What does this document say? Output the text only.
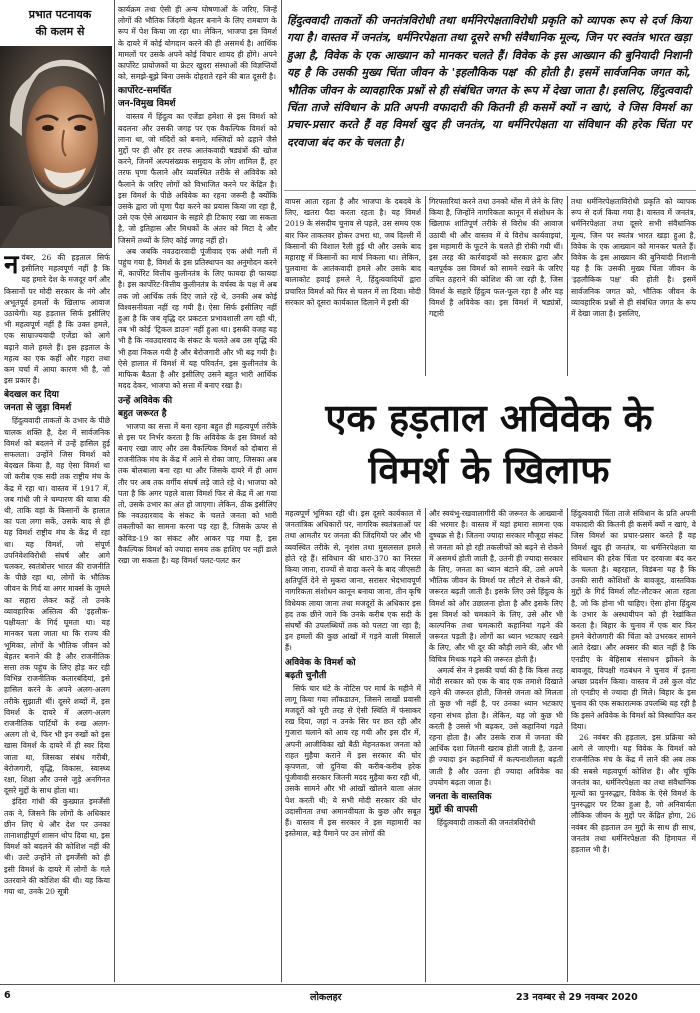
प्रभात पटनायक
की कलम से
हिंदुत्ववादी ताकतों की जनतंत्रविरोधी तथा धर्मनिरपेक्षताविरोधी प्रकृति को व्यापक रूप से दर्ज किया गया है। वास्तव में जनतंत्र, धर्मनिरपेक्षता तथा दूसरे सभी संवैधानिक मूल्य, जिन पर स्वतंत्र भारत खड़ा हुआ है, विवेक के एक आख्यान को मानकर चलते हैं। विवेक के इस आख्यान की बुनियादी निशानी यह है कि उसकी मुख्य चिंता जीवन के 'इहलौकिक पक्ष' की होती है। इसमें सार्वजनिक जगत को, भौतिक जीवन के व्यावहारिक प्रश्नों से ही संबंधित जगत के रूप में देखा जाता है। इसलिए, हिंदुत्ववादी चिंता ताजे संविधान के प्रति अपनी वफादारी की कितनी ही कसमें क्यों न खाएं, वे जिस विमर्श का प्रचार-प्रसार करते हैं वह विमर्श खुद ही जनतंत्र, या धर्मनिरपेक्षता या संविधान की हरेक चिंता पर दरवाजा बंद कर के चलता है।

नवंबर, 26 की हड़ताल सिर्फ इसीलिए महत्वपूर्ण नहीं है कि यह हमारे देश के मजदूर वर्ग और किसानों पर मोदी सरकार के नंगे और अभूतपूर्व हमलों के खिलाफ आवाज उठायेगी। यह हड़ताल सिर्फ इसीलिए भी महत्वपूर्ण नहीं है कि उक्त हमले, एक साम्राज्यवादी एजेंडा को आगे बढ़ाने वाले हमले हैं। इस हड़ताल के महत्व का एक कहीं और गहरा तथा कम चर्चा में आया कारण भी है, जो इस प्रकार है।

बेदखल कर दिया
जनता से जुड़ा विमर्श

हिंदुत्ववादी ताकतों के उभार के पीछे चालक शक्ति है, देश में सार्वजनिक विमर्श को बदलने में उन्हें हासिल हुई सफलता। उन्होंने जिस विमर्श को बेदखल किया है, वह ऐसा विमर्श था जो करीब एक सदी तक राष्ट्रीय मंच के केंद्र में रहा था। वास्तव में 1917 में, जब गांधी जी ने चम्पारण की यात्रा की थी, ताकि वहां के किसानों के हालात का पता लगा सकें, उसके बाद से ही यह विमर्श राष्ट्रीय मंच के केंद्र में रहा था। यह विमर्श, जो संपूर्ण उपनिवेशविरोधी संघर्ष और आगे चलकर, स्वतंत्रोत्तर भारत की राजनीति के पीछे रहा था, लोगों के भौतिक जीवन के गिर्द या अगर मार्क्स के जुमले का सहारा लेकर कहें तो उनके व्यावहारिक अस्तित्व की 'इहलौक-पक्षीयता' के गिर्द घूमता था। यह मानकर चला जाता था कि राज्य की भूमिका, लोगों के भौतिक जीवन को बेहतर बनाने की है और राजनीतिक सत्ता तक पहुंच के लिए होड़ कर रही विभिन्न राजनीतिक कतारबंदियां, इसे हासिल करने के अपने अलग-अलग तरीके सुझाती थीं। दूसरे शब्दों में, इस विमर्श के दायरे में अलग-अलग राजनीतिक पार्टियों के रुख अलग-अलग तो थे, फिर भी इन रुखों को इस खास विमर्श के दायरे में ही स्वर दिया जाता था, जिसका संबंध गरीबी, बेरोजगारी, वृद्धि, विकास, स्वास्थ्य रक्षा, शिक्षा और उनसे जुड़े अनगिनत दूसरे मुद्दों के साथ होता था।

इंदिरा गांधी की कुख्यात इमर्जेंसी तक ने, जिसने कि लोगों के अधिकार छीन लिए थे और देश पर उनका तानाशाहीपूर्ण शासन थोप दिया था, इस विमर्श को बदलने की कोशिश नहीं की थी। उल्टे उन्होंने तो इमर्जेंसी को ही इसी विमर्श के दायरे में लोगों के गले उतरवाने की कोशिश की थी। यह किया गया था, उनके 20 सूत्री

कार्यक्रम तथा ऐसी ही अन्य घोषणाओं के जरिए, जिन्हें लोगों की भौतिक जिंदगी बेहतर बनाने के लिए रामबाण के रूप में पेश किया जा रहा था। लेकिन, भाजपा इस विमर्श के दायरे में कोई योगदान करने की ही असमर्थ है। आर्थिक मामलों पर उसके अपने कोई विचार शायद ही होंगे। अपने कार्पोरेट प्रायोजकों या फ्रेटर खुदरा संस्थाओं की विज्ञप्तियों को, समझे-बूझे बिना उसके दोहराते रहने की बात दूसरी है।

कार्पोरेट-समर्थित
जन-विमुख विमर्श

वास्तव में हिंदुत्व का एजेंडा हमेशा से इस विमर्श को बदलना और उसकी जगह पर एक वैकल्पिक विमर्श को लाना था, जो मंदिरों को बनाने, मस्जिदों को ढहाने जैसे मुद्दों पर ही और हर तरफ आतंकवादी षड्यंत्रों की खोज करने, जिनमें अल्पसंख्यक समुदाय के लोग शामिल हैं, हर तरफ घृणा फैलाने और व्यवस्थित तरीके से अविवेक को फैलाने के जरिए लोगों को विभाजित करने पर केंद्रित है। इस विमर्श के पीछे अविवेक का रहना जरूरी है क्योंकि उसके द्वारा जो घृणा पैदा करने का प्रयास किया जा रहा है, उसे एक ऐसे आख्यान के सहारे ही टिकाए रखा जा सकता है, जो इतिहास और मिथकों के अंतर को मिटा दे और जिसमें तथ्यों के लिए कोई जगह नहीं हो।

अब जबकि नवउदारवादी पूंजीवाद एक अंधी गली में पहुंच गया है, विमर्श के इस प्रतिस्थापन का अनुमोदन करने में, कार्पोरेट वित्तीय कुलीनतंत्र के लिए फायदा ही फायदा है। इस कार्पोरेट-वित्तीय कुलीनतंत्र के वर्चस्व के पक्ष में अब तक जो आर्थिक तर्क दिए जाते रहे थे, उनकी अब कोई विश्वसनीयता नहीं रह गयी है। ऐसा सिर्फ इसीलिए नहीं हुआ है कि जब वृद्धि दर प्रकटतः प्रभावशाली लग रही थी, तब भी कोई 'ट्रिकल डाउन' नहीं हुआ था। इसकी वजह यह भी है कि नवउदारवाद के संकट के चलते अब उस वृद्धि की भी हवा निकल गयी है और बेरोजगारी और भी बढ़ गयी है। ऐसे हालात में विमर्श में यह परिवर्तन, इस कुलीनतंत्र के माफिक बैठता है और इसीलिए उसने बहुत भारी आर्थिक मदद देकर, भाजपा को सत्ता में बनाए रखा है।

उन्हें अविवेक की
बहुत जरूरत है

भाजपा का सत्ता में बना रहना बहुत ही महत्वपूर्ण तरीके से इस पर निर्भर करता है कि अविवेक के इस विमर्श को बनाए रखा जाए और उस वैकल्पिक विमर्श को दोबारा से राजनीतिक मंच के केंद्र में आने से रोका जाए, जिसका अब तक बोलबाला बना रहा था और जिसके दायरे में ही आम तौर पर अब तक वर्गीय संघर्ष लड़े जाते रहे थे। भाजपा को पता है कि अगर पहले वाला विमर्श फिर से केंद्र में आ गया तो, उसके उभार का अंत हो जाएगा। लेकिन, ठीक इसीलिए कि नवउदारवाद के संकट के चलते जनता को भारी तकलीफों का सामना करना पड़ रहा है, जिसके ऊपर से कोविड-19 का संकट और आकर पड़ गया है, इस वैकल्पिक विमर्श को ज्यादा समय तक हाशिए पर नहीं डाले रखा जा सकता है। यह विमर्श पलट-पलट कर

वापस आता रहता है और भाजपा के दबदबे के लिए, खतरा पैदा करता रहता है। यह विमर्श 2019 के संसदीय चुनाव से पहले, उस समय एक बार फिर ताकतवर होकर उभरा था, जब दिल्ली में किसानों की विशाल रैली हुई थी और उसके बाद महाराष्ट्र में किसानों का मार्च निकला था। लेकिन, पुलवामा के आतंकवादी हमले और उसके बाद बालाकोट हवाई हमले ने, हिंदुत्ववादियों द्वारा प्रचारित विमर्श को फिर से चलन में ला दिया। मोदी सरकार को दूसरा कार्यकाल दिलाने में इसी की

गिरफ्तारियां करने तथा उनको थोंस में लेने के लिए किया है, जिन्होंने नागरिकता कानून में संशोधन के खिलाफ शांतिपूर्ण तरीके से विरोध की आवाज उठायी थी और वास्तव में ये विरोध कार्यवाइयां, इस महामारी के फूटने के चलते ही रोकी गयी थीं। इस तरह की कार्रवाइयों को सरकार द्वारा और बलपूर्वक उस विमर्श को सामने रखने के जरिए उचित ठहराने की कोशिश की जा रही है, जिस विमर्श के सहारे हिंदुत्व फल-फूल रहा है और यह विमर्श है अविवेक का। इस विमर्श में षड्यंत्रों, गद्दारी

तथा धर्मनिरपेक्षताविरोधी प्रकृति को व्यापक रूप से दर्ज किया गया है। वास्तव में जनतंत्र, धर्मनिरपेक्षता तथा दूसरे सभी संवैधानिक मूल्य, जिन पर स्वतंत्र भारत खड़ा हुआ है, विवेक के एक आख्यान को मानकर चलते हैं। विवेक के इस आख्यान की बुनियादी निशानी यह है कि उसकी मुख्य चिंता जीवन के 'इहलौकिक पक्ष' की होती है। इसमें सार्वजनिक जगत को, भौतिक जीवन के व्यावहारिक प्रश्नों से ही संबंधित जगत के रूप में देखा जाता है। इसलिए,

एक हड़ताल अविवेक के
विमर्श के खिलाफ

महत्वपूर्ण भूमिका रही थी। इस दूसरे कार्यकाल में जनतांत्रिक अधिकारों पर, नागरिक स्वतंत्रताओं पर तथा आमतौर पर जनता की जिंदगियों पर और भी व्यवस्थित तरीके से, नृशंस तथा मुसलसल हमले होते रहे हैं। संविधान की धारा-370 का निरस्त किया जाना, राज्यों से वादा करने के बाद जीएसटी क्षतिपूर्ति देने से मुकरा जाना, सरासर भेदभावपूर्ण नागरिकता संशोधन कानून बनाया जाना, तीन कृषि विधेयक लाया जाना तथा मजदूरों के अधिकार इस हद तक छीने जाने कि उनके करीब एक सदी के संघर्षों की उपलब्धियों तक को पलटा जा रहा है; इन हमलों की कुछ आंखों में गड़ने वाली मिसालें हैं।

अविवेक के विमर्श को
बढ़ती चुनौती

सिर्फ चार घंटे के नोटिस पर मार्च के महीने में लागू किया गया लॉकडाउन, जिसने लाखों प्रवासी मजदूरों को पूरी तरह से ऐसी स्थिति में फंसाकर रख दिया, जहां न उनके सिर पर छत रही और गुजारा चलाने को आय रह गयी और इस दौर में, अपनी आजीविका खो बैठी मेहनतकश जनता को राहत मुहैया कराने में इस सरकार की घोर कृपणता, जो दुनिया की करीब-करीब हरेक पूंजीवादी सरकार जितनी मदद मुहैया करा रही थी, उसके सामने और भी आंखों खोलने वाला अंतर पेश करती थी; ये सभी मोदी सरकार की घोर उदासीनता तथा अमानवीयता के कुछ और सबूत हैं। वास्तव में इस सरकार ने इस महामारी का इस्तेमाल, बड़े पैमाने पर उन लोगों की

और स्वयंभू-रखवालागीरी की जरूरत के आख्यानों की भरमार है। वास्तव में यहां हमारा सामना एक दुष्चक्र से है। जितना ज्यादा सरकार मौजूदा संकट से जनता को हो रही तकलीफों को बढ़ने से रोकने में असमर्थ होती जाती है, उतनी ही ज्यादा सरकार के लिए, जनता का ध्यान बंटाने की, उसे अपने भौतिक जीवन के विमर्श पर लौटने से रोकने की, जरूरत बढ़ती जाती है। इसके लिए उसे हिंदुत्व के विमर्श को और उछालना होता है और इसके लिए इस विमर्श को चमकाने के लिए, उसे और भी काल्पनिक तथा चमत्कारी कहानियां गढ़ने की जरूरत पड़ती है। लोगों का ध्यान भटकाए रखने के लिए, और भी दूर की कौड़ी लाने की, और भी विचित्र मिथक गढ़ने की जरूरत होती है।

अमर्त्य सेन ने इसकी चर्चा की है कि किस तरह मोदी सरकार को एक के बाद एक तमाशे दिखाते रहने की जरूरत होती, जिनसे जनता को मिलता तो कुछ भी नहीं है, पर उनका ध्यान भटकाए रहना संभव होता है। लेकिन, यह जो कुछ भी करती है उससे भी बढ़कर, उसे कहानियां गढ़ते रहना होता है। और उसके राज में जनता की आर्थिक दशा जितनी खराब होती जाती है, उतना ही ज्यादा इन कहानियों में कल्पनाशीलता बढ़ती जाती है और उतना ही ज्यादा अविवेक का उपयोग बढ़ता जाता है।

जनता के वास्तविक
मुद्दों की वापसी

हिंदुत्ववादी ताकतों की जनतंत्रविरोधी

हिंदुत्ववादी चिंता ताजे संविधान के प्रति अपनी वफादारी की कितनी ही कसमें क्यों न खाएं, वे जिस विमर्श का प्रचार-प्रसार करते हैं वह विमर्श खुद ही जनतंत्र, या धर्मनिरपेक्षता या संविधान की हरेक चिंता पर दरवाजा बंद कर के चलता है। बहरहाल, विडंबना यह है कि उनकी सारी कोशिशों के बावजूद, वास्तविक मुद्दों के गिर्द विमर्श लौट-लौटकर आता रहता है, जो कि होना भी चाहिए। ऐसा होना हिंदुत्व के उभार के अस्थायीपन को ही रेखांकित करता है। बिहार के चुनाव में एक बार फिर हमने बेरोजगारी की चिंता को उभरकर सामने आते देखा। और अक्सर की बात नहीं है कि एनडीए के बेहिसाब संसाधन झोंकने के बावजूद, विपक्षी गठबंधन ने चुनाव में इतना अच्छा प्रदर्शन किया। वास्तव में उसे कुल वोट तो एनडीए से ज्यादा ही मिले। बिहार के इस चुनाव की एक सकारात्मक उपलब्धि यह रही है कि इसने अविवेक के विमर्श को विस्थापित कर दिया।

26 नवंबर की हड़ताल, इस प्रक्रिया को आगे ले जाएगी। यह विवेक के विमर्श को राजनीतिक मंच के केंद्र में लाने की अब तक की सबसे महत्वपूर्ण कोशिश है। और चूंकि जनतंत्र का, धर्मनिरपेक्षता का तथा संवैधानिक मूल्यों का पुनरुद्धार, विवेक के ऐसे विमर्श के पुनरुद्धार पर टिका हुआ है, जो अनिवार्यतः लौकिक जीवन के मुद्दों पर केंद्रित होगा, 26 नवंबर की हड़ताल उन मुद्दों के साथ ही साथ, जनतंत्र तथा धर्मनिरपेक्षता की हिमायत में हड़ताल भी है।

6	लोकलहर	23 नवम्बर से 29 नवम्बर 2020
